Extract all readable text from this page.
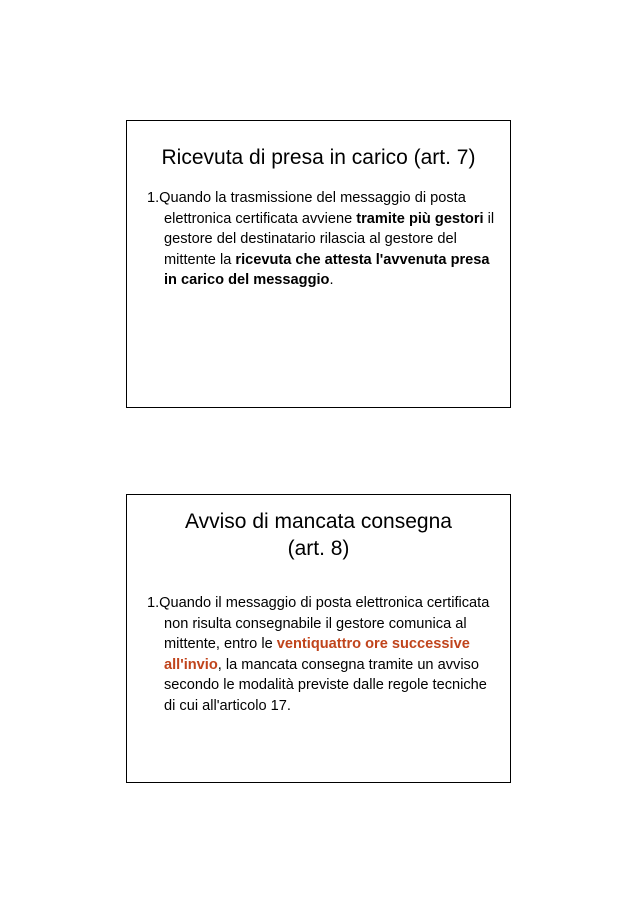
Ricevuta di presa in carico (art. 7)

1.Quando la trasmissione del messaggio di posta elettronica certificata avviene tramite più gestori il gestore del destinatario rilascia al gestore del mittente la ricevuta che attesta l'avvenuta presa in carico del messaggio.

Avviso di mancata consegna
(art. 8)

1.Quando il messaggio di posta elettronica certificata non risulta consegnabile il gestore comunica al mittente, entro le ventiquattro ore successive all'invio, la mancata consegna tramite un avviso secondo le modalità previste dalle regole tecniche di cui all'articolo 17.
